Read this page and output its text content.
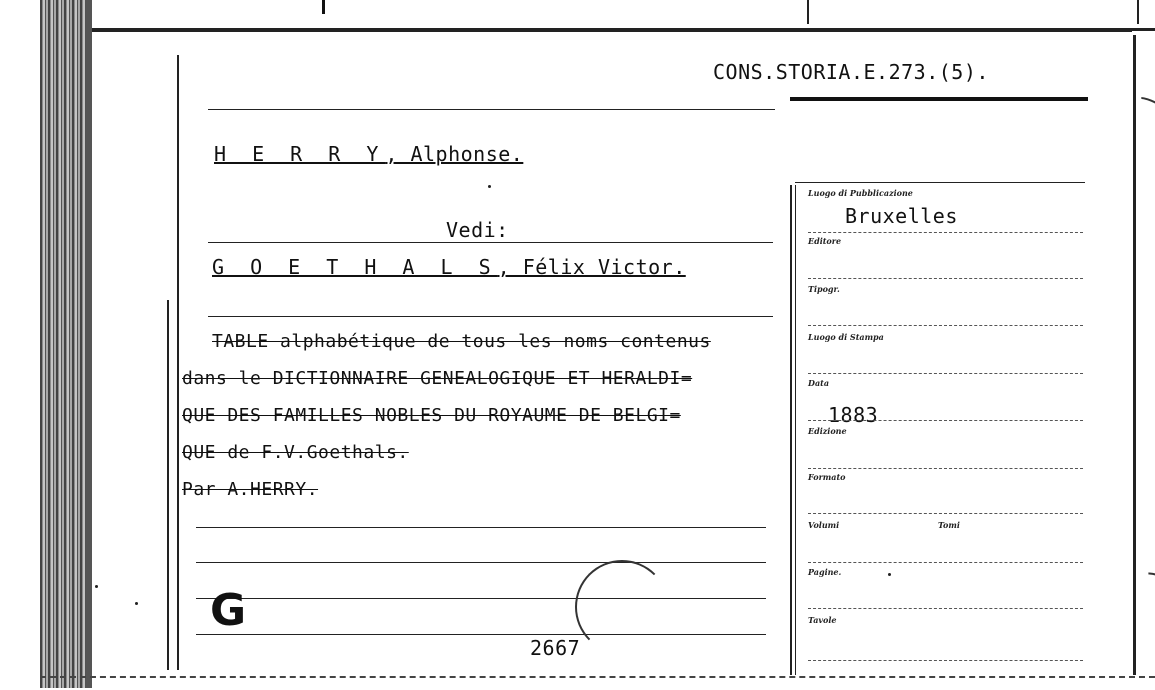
CONS.STORIA.E.273.(5).
H E R R Y, Alphonse.
Vedi:
G O E T H A L S, Félix Victor.
TABLE alphabétique de tous les noms contenus
dans le DICTIONNAIRE GENEALOGIQUE ET HERALDI=
QUE DES FAMILLES NOBLES DU ROYAUME DE BELGI=
QUE de F.V.Goethals.
Par A.HERRY.
G
2667
Luogo di Pubblicazione
Bruxelles
Editore
Tipogr.
Luogo di Stampa
Data
1883
Edizione
Formato
Volumi	Tomi
Pagine.
Tavole
